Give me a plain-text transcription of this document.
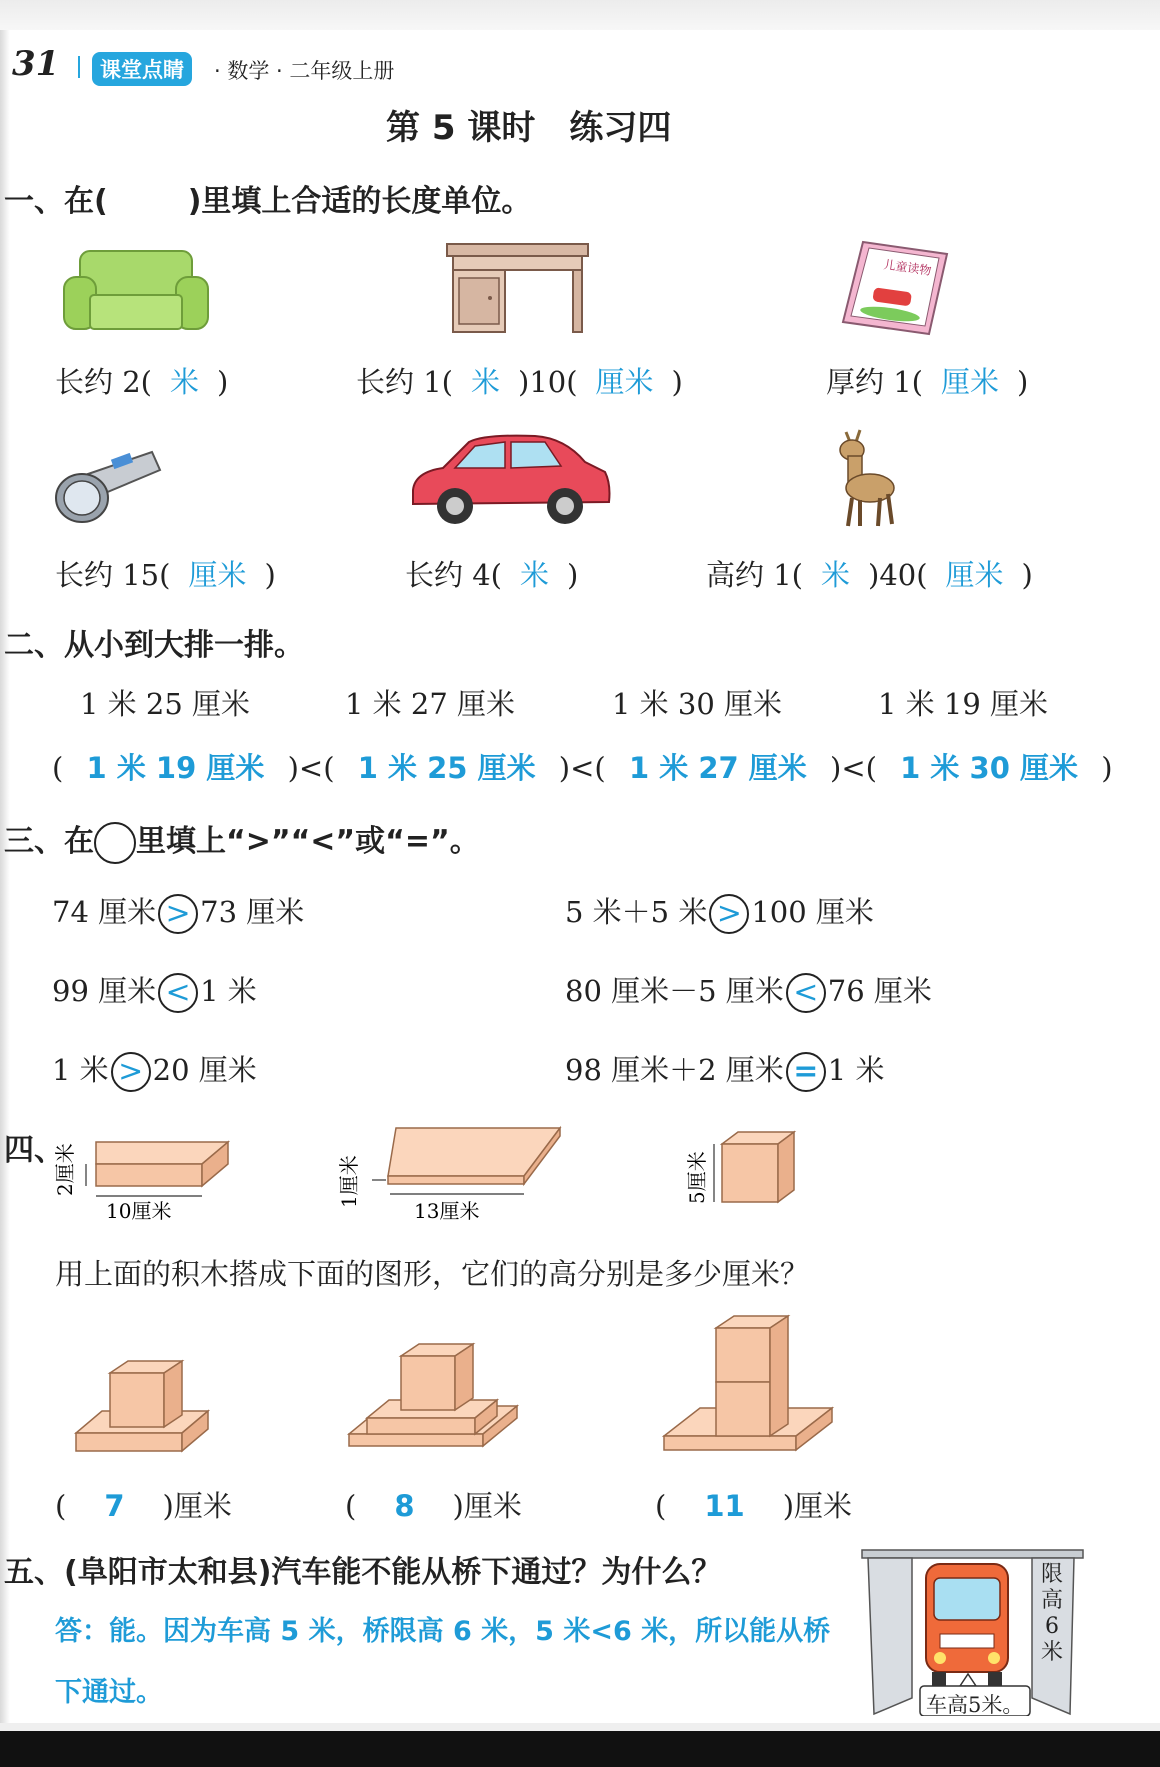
31	课堂点睛	· 数学 · 二年级上册
第 5 课时　练习四
一、在(	)里填上合适的长度单位。
儿童读物
长约 2( 米 )	长约 1( 米 )10( 厘米 )	厚约 1( 厘米 )
长约 15( 厘米 )	长约 4( 米 )	高约 1( 米 )40( 厘米 )
二、从小到大排一排。
1 米 25 厘米	1 米 27 厘米	1 米 30 厘米	1 米 19 厘米
( 1 米 19 厘米 )<( 1 米 25 厘米 )<( 1 米 27 厘米 )<( 1 米 30 厘米 )
三、在 里填上“>”“<”或“=”。
74 厘米 > 73 厘米	5 米＋5 米 > 100 厘米
99 厘米 < 1 米	80 厘米－5 厘米 < 76 厘米
1 米 > 20 厘米	98 厘米＋2 厘米 = 1 米
四、
2厘米
10厘米
1厘米
13厘米
5厘米
用上面的积木搭成下面的图形，它们的高分别是多少厘米？
( 7 )厘米	( 8 )厘米	( 11 )厘米
五、(阜阳市太和县)汽车能不能从桥下通过？为什么？
答：能。因为车高 5 米，桥限高 6 米，5 米<6 米，所以能从桥
下通过。
限
高
6
米
车高5米。
